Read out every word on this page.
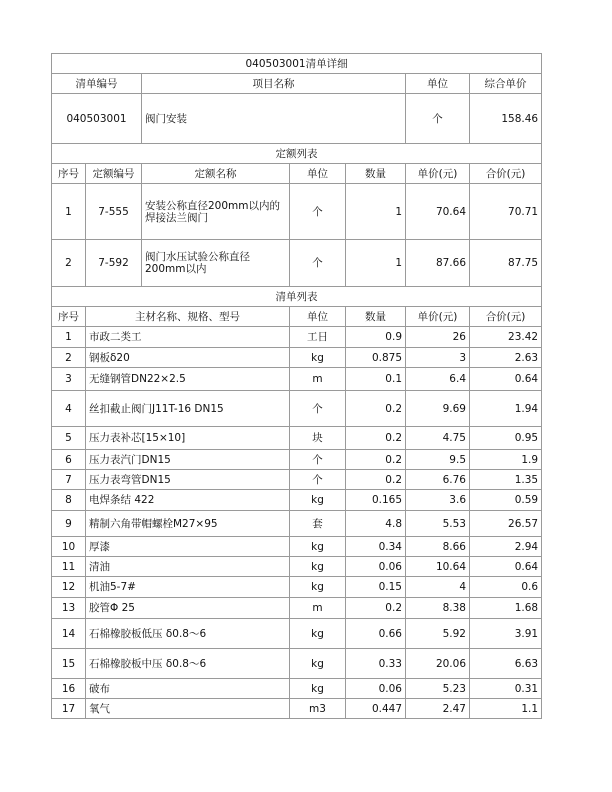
040503001清单详细						
清单编号		项目名称			单位	综合单价
040503001		阀门安装			个	158.46
定额列表						
序号	定额编号	定额名称	单位	数量	单价(元)	合价(元)
1	7-555	安装公称直径200mm以内的焊接法兰阀门	个	1	70.64	70.71
2	7-592	阀门水压试验公称直径200mm以内	个	1	87.66	87.75
清单列表						
序号	主材名称、规格、型号		单位	数量	单价(元)	合价(元)
1	市政二类工		工日	0.9	26	23.42
2	钢板δ20		kg	0.875	3	2.63
3	无缝钢管DN22×2.5		m	0.1	6.4	0.64
4	丝扣截止阀门J11T-16 DN15		个	0.2	9.69	1.94
5	压力表补芯[15×10]		块	0.2	4.75	0.95
6	压力表汽门DN15		个	0.2	9.5	1.9
7	压力表弯管DN15		个	0.2	6.76	1.35
8	电焊条结 422		kg	0.165	3.6	0.59
9	精制六角带帽螺栓M27×95		套	4.8	5.53	26.57
10	厚漆		kg	0.34	8.66	2.94
11	清油		kg	0.06	10.64	0.64
12	机油5-7#		kg	0.15	4	0.6
13	胶管Φ 25		m	0.2	8.38	1.68
14	石棉橡胶板低压 δ0.8～6		kg	0.66	5.92	3.91
15	石棉橡胶板中压 δ0.8～6		kg	0.33	20.06	6.63
16	破布		kg	0.06	5.23	0.31
17	氧气		m3	0.447	2.47	1.1
